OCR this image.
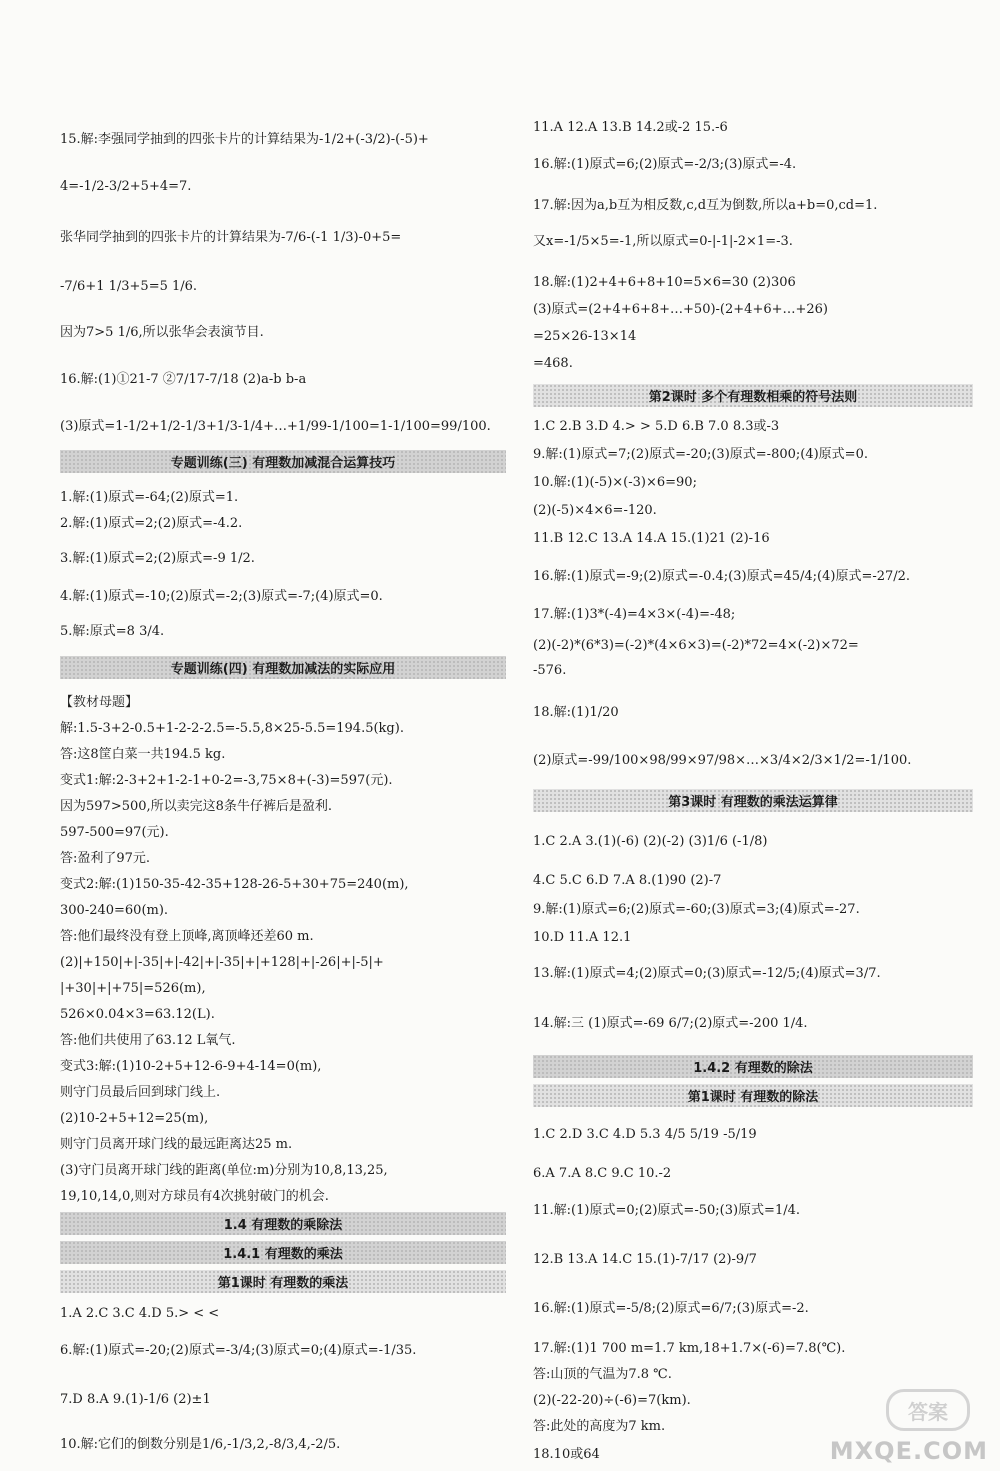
15.解:李强同学抽到的四张卡片的计算结果为-1/2+(-3/2)-(-5)+
4=-1/2-3/2+5+4=7.
张华同学抽到的四张卡片的计算结果为-7/6-(-1 1/3)-0+5=
-7/6+1 1/3+5=5 1/6.
因为7>5 1/6,所以张华会表演节目.
16.解:(1)①21-7 ②7/17-7/18 (2)a-b b-a
(3)原式=1-1/2+1/2-1/3+1/3-1/4+…+1/99-1/100=1-1/100=99/100.
专题训练(三) 有理数加减混合运算技巧
1.解:(1)原式=-64;(2)原式=1.
2.解:(1)原式=2;(2)原式=-4.2.
3.解:(1)原式=2;(2)原式=-9 1/2.
4.解:(1)原式=-10;(2)原式=-2;(3)原式=-7;(4)原式=0.
5.解:原式=8 3/4.
专题训练(四) 有理数加减法的实际应用
【教材母题】
解:1.5-3+2-0.5+1-2-2-2.5=-5.5,8×25-5.5=194.5(kg).
答:这8筐白菜一共194.5 kg.
变式1:解:2-3+2+1-2-1+0-2=-3,75×8+(-3)=597(元).
因为597>500,所以卖完这8条牛仔裤后是盈利.
597-500=97(元).
答:盈利了97元.
变式2:解:(1)150-35-42-35+128-26-5+30+75=240(m),
300-240=60(m).
答:他们最终没有登上顶峰,离顶峰还差60 m.
(2)|+150|+|-35|+|-42|+|-35|+|+128|+|-26|+|-5|+
|+30|+|+75|=526(m),
526×0.04×3=63.12(L).
答:他们共使用了63.12 L氧气.
变式3:解:(1)10-2+5+12-6-9+4-14=0(m),
则守门员最后回到球门线上.
(2)10-2+5+12=25(m),
则守门员离开球门线的最远距离达25 m.
(3)守门员离开球门线的距离(单位:m)分别为10,8,13,25,
19,10,14,0,则对方球员有4次挑射破门的机会.
1.4 有理数的乘除法
1.4.1 有理数的乘法
第1课时 有理数的乘法
1.A 2.C 3.C 4.D 5.> < <
6.解:(1)原式=-20;(2)原式=-3/4;(3)原式=0;(4)原式=-1/35.
7.D 8.A 9.(1)-1/6 (2)±1
10.解:它们的倒数分别是1/6,-1/3,2,-8/3,4,-2/5.
11.A 12.A 13.B 14.2或-2 15.-6
16.解:(1)原式=6;(2)原式=-2/3;(3)原式=-4.
17.解:因为a,b互为相反数,c,d互为倒数,所以a+b=0,cd=1.
又x=-1/5×5=-1,所以原式=0-|-1|-2×1=-3.
18.解:(1)2+4+6+8+10=5×6=30 (2)306
(3)原式=(2+4+6+8+…+50)-(2+4+6+…+26)
=25×26-13×14
=468.
第2课时 多个有理数相乘的符号法则
1.C 2.B 3.D 4.> > 5.D 6.B 7.0 8.3或-3
9.解:(1)原式=7;(2)原式=-20;(3)原式=-800;(4)原式=0.
10.解:(1)(-5)×(-3)×6=90;
(2)(-5)×4×6=-120.
11.B 12.C 13.A 14.A 15.(1)21 (2)-16
16.解:(1)原式=-9;(2)原式=-0.4;(3)原式=45/4;(4)原式=-27/2.
17.解:(1)3*(-4)=4×3×(-4)=-48;
(2)(-2)*(6*3)=(-2)*(4×6×3)=(-2)*72=4×(-2)×72=
-576.
18.解:(1)1/20
(2)原式=-99/100×98/99×97/98×…×3/4×2/3×1/2=-1/100.
第3课时 有理数的乘法运算律
1.C 2.A 3.(1)(-6) (2)(-2) (3)1/6 (-1/8)
4.C 5.C 6.D 7.A 8.(1)90 (2)-7
9.解:(1)原式=6;(2)原式=-60;(3)原式=3;(4)原式=-27.
10.D 11.A 12.1
13.解:(1)原式=4;(2)原式=0;(3)原式=-12/5;(4)原式=3/7.
14.解:三 (1)原式=-69 6/7;(2)原式=-200 1/4.
1.4.2 有理数的除法
第1课时 有理数的除法
1.C 2.D 3.C 4.D 5.3 4/5 5/19 -5/19
6.A 7.A 8.C 9.C 10.-2
11.解:(1)原式=0;(2)原式=-50;(3)原式=1/4.
12.B 13.A 14.C 15.(1)-7/17 (2)-9/7
16.解:(1)原式=-5/8;(2)原式=6/7;(3)原式=-2.
17.解:(1)1 700 m=1.7 km,18+1.7×(-6)=7.8(℃).
答:山顶的气温为7.8 ℃.
(2)(-22-20)÷(-6)=7(km).
答:此处的高度为7 km.
18.10或64
答案
MXQE.COM
